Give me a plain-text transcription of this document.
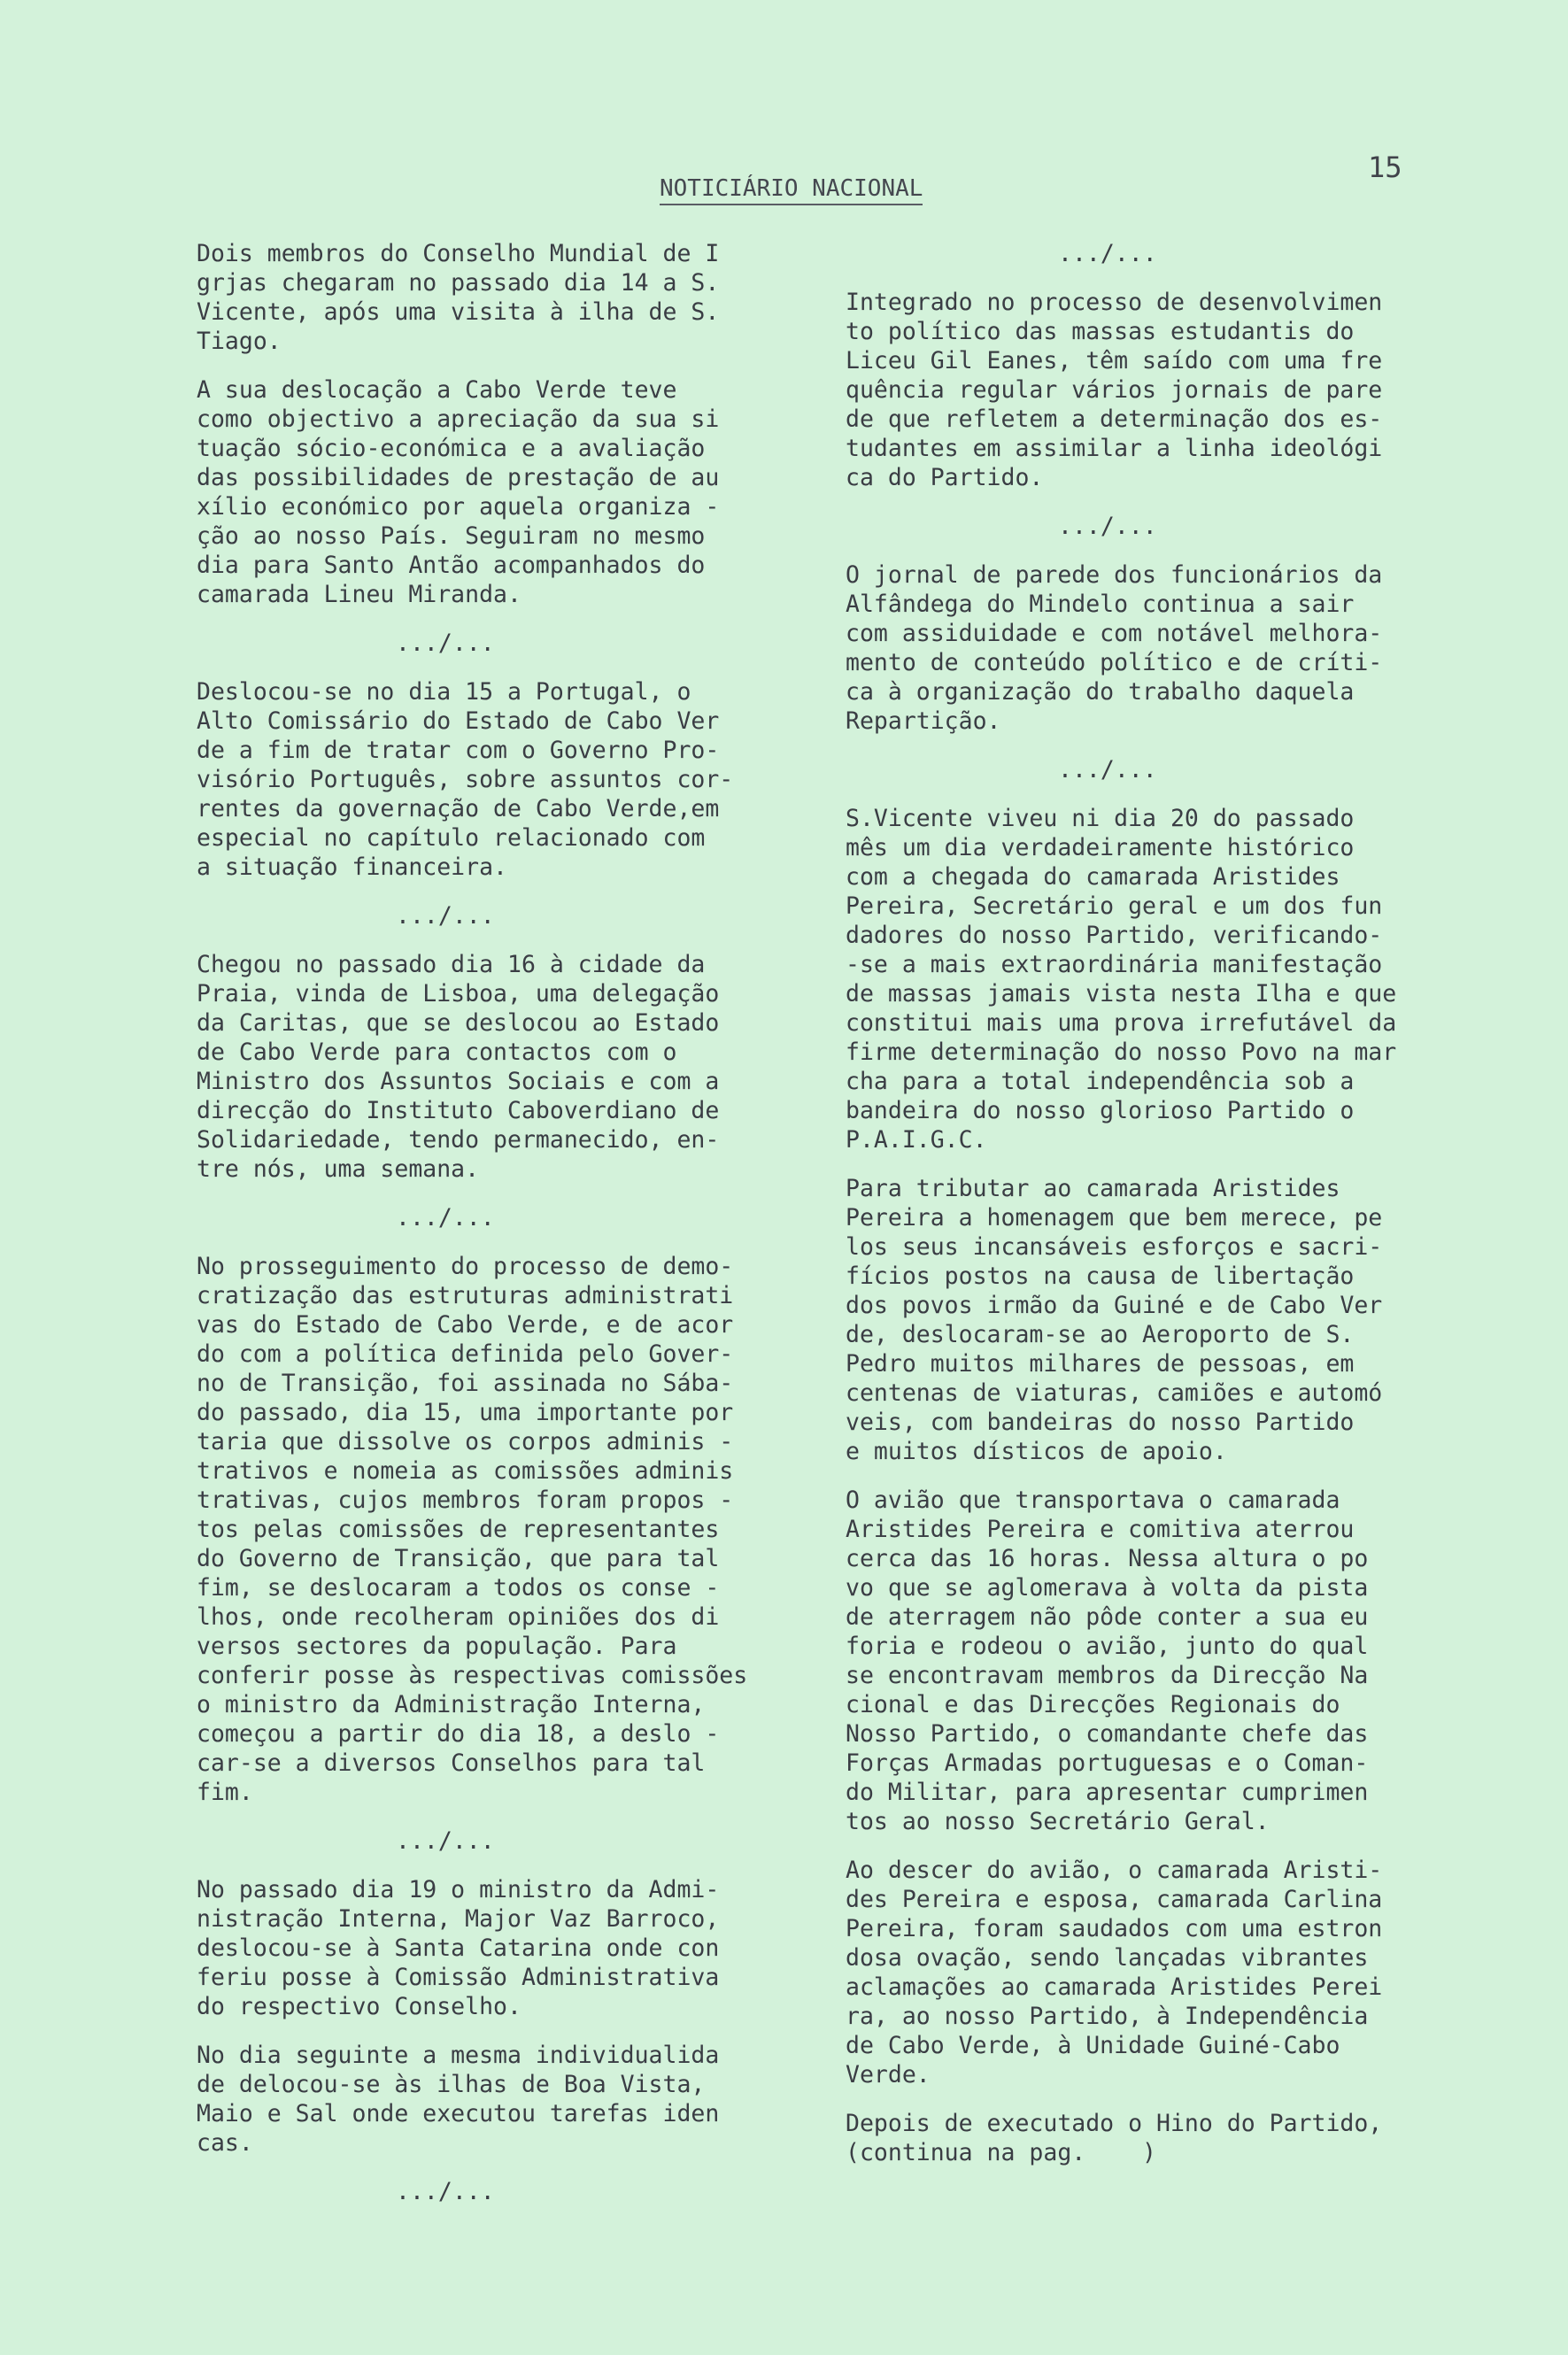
15
NOTICIÁRIO NACIONAL
Dois membros do Conselho Mundial de I
grjas chegaram no passado dia 14 a S.
Vicente, após uma visita à ilha de S.
Tiago.
A sua deslocação a Cabo Verde teve
como objectivo a apreciação da sua si
tuação sócio-económica e a avaliação
das possibilidades de prestação de au
xílio económico por aquela organiza -
ção ao nosso País. Seguiram no mesmo
dia para Santo Antão acompanhados do
camarada Lineu Miranda.
.../...
Deslocou-se no dia 15 a Portugal, o
Alto Comissário do Estado de Cabo Ver
de a fim de tratar com o Governo Pro-
visório Português, sobre assuntos cor-
rentes da governação de Cabo Verde,em
especial no capítulo relacionado com
a situação financeira.
.../...
Chegou no passado dia 16 à cidade da
Praia, vinda de Lisboa, uma delegação
da Caritas, que se deslocou ao Estado
de Cabo Verde para contactos com o
Ministro dos Assuntos Sociais e com a
direcção do Instituto Caboverdiano de
Solidariedade, tendo permanecido, en-
tre nós, uma semana.
.../...
No prosseguimento do processo de demo-
cratização das estruturas administrati
vas do Estado de Cabo Verde, e de acor
do com a política definida pelo Gover-
no de Transição, foi assinada no Sába-
do passado, dia 15, uma importante por
taria que dissolve os corpos adminis -
trativos e nomeia as comissões adminis
trativas, cujos membros foram propos -
tos pelas comissões de representantes
do Governo de Transição, que para tal
fim, se deslocaram a todos os conse -
lhos, onde recolheram opiniões dos di
versos sectores da população. Para
conferir posse às respectivas comissões
o ministro da Administração Interna,
começou a partir do dia 18, a deslo -
car-se a diversos Conselhos para tal
fim.
.../...
No passado dia 19 o ministro da Admi-
nistração Interna, Major Vaz Barroco,
deslocou-se à Santa Catarina onde con
feriu posse à Comissão Administrativa
do respectivo Conselho.
No dia seguinte a mesma individualida
de delocou-se às ilhas de Boa Vista,
Maio e Sal onde executou tarefas iden
cas.
.../...
.../...
Integrado no processo de desenvolvimen
to político das massas estudantis do
Liceu Gil Eanes, têm saído com uma fre
quência regular vários jornais de pare
de que refletem a determinação dos es-
tudantes em assimilar a linha ideológi
ca do Partido.
.../...
O jornal de parede dos funcionários da
Alfândega do Mindelo continua a sair
com assiduidade e com notável melhora-
mento de conteúdo político e de críti-
ca à organização do trabalho daquela
Repartição.
.../...
S.Vicente viveu ni dia 20 do passado
mês um dia verdadeiramente histórico
com a chegada do camarada Aristides
Pereira, Secretário geral e um dos fun
dadores do nosso Partido, verificando-
-se a mais extraordinária manifestação
de massas jamais vista nesta Ilha e que
constitui mais uma prova irrefutável da
firme determinação do nosso Povo na mar
cha para a total independência sob a
bandeira do nosso glorioso Partido o
P.A.I.G.C.
Para tributar ao camarada Aristides
Pereira a homenagem que bem merece, pe
los seus incansáveis esforços e sacri-
fícios postos na causa de libertação
dos povos irmão da Guiné e de Cabo Ver
de, deslocaram-se ao Aeroporto de S.
Pedro muitos milhares de pessoas, em
centenas de viaturas, camiões e automó
veis, com bandeiras do nosso Partido
e muitos dísticos de apoio.
O avião que transportava o camarada
Aristides Pereira e comitiva aterrou
cerca das 16 horas. Nessa altura o po
vo que se aglomerava à volta da pista
de aterragem não pôde conter a sua eu
foria e rodeou o avião, junto do qual
se encontravam membros da Direcção Na
cional e das Direcções Regionais do
Nosso Partido, o comandante chefe das
Forças Armadas portuguesas e o Coman-
do Militar, para apresentar cumprimen
tos ao nosso Secretário Geral.
Ao descer do avião, o camarada Aristi-
des Pereira e esposa, camarada Carlina
Pereira, foram saudados com uma estron
dosa ovação, sendo lançadas vibrantes
aclamações ao camarada Aristides Perei
ra, ao nosso Partido, à Independência
de Cabo Verde, à Unidade Guiné-Cabo
Verde.
Depois de executado o Hino do Partido,
(continua na pag.    )
